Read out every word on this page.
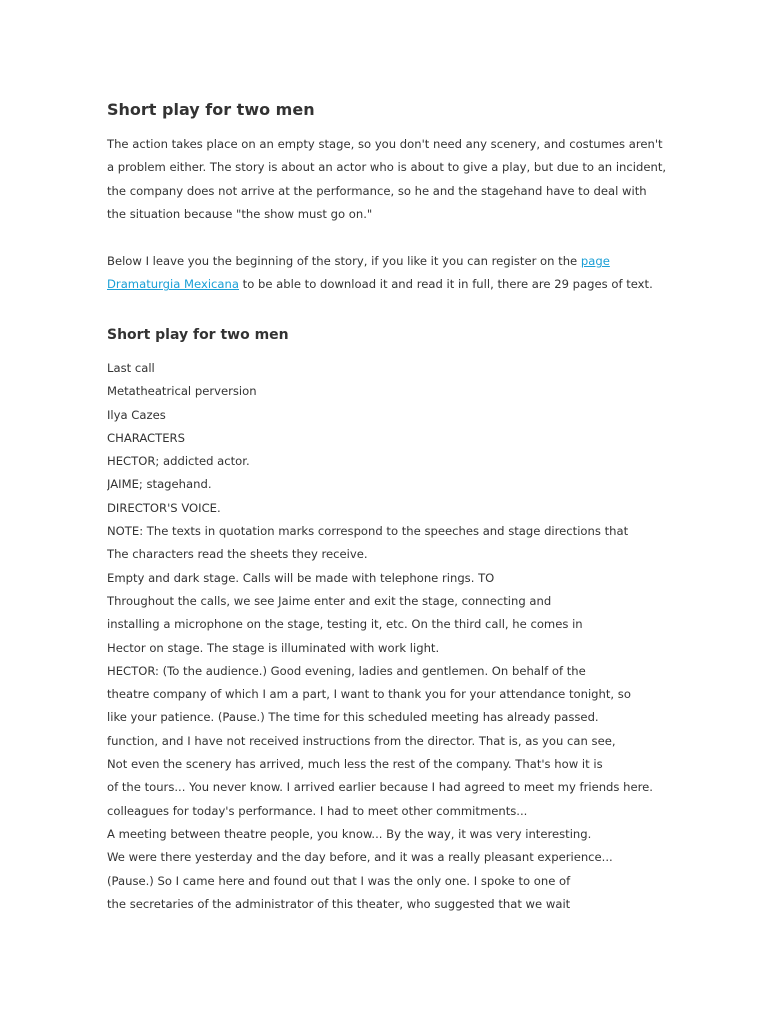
Short play for two men

The action takes place on an empty stage, so you don't need any scenery, and costumes aren't a problem either. The story is about an actor who is about to give a play, but due to an incident, the company does not arrive at the performance, so he and the stagehand have to deal with the situation because "the show must go on."

Below I leave you the beginning of the story, if you like it you can register on the page Dramaturgia Mexicana to be able to download it and read it in full, there are 29 pages of text.

Short play for two men
Last call
Metatheatrical perversion
Ilya Cazes
CHARACTERS
HECTOR; addicted actor.
JAIME; stagehand.
DIRECTOR'S VOICE.
NOTE: The texts in quotation marks correspond to the speeches and stage directions that
The characters read the sheets they receive.
Empty and dark stage. Calls will be made with telephone rings. TO
Throughout the calls, we see Jaime enter and exit the stage, connecting and
installing a microphone on the stage, testing it, etc. On the third call, he comes in
Hector on stage. The stage is illuminated with work light.
HECTOR: (To the audience.) Good evening, ladies and gentlemen. On behalf of the
theatre company of which I am a part, I want to thank you for your attendance tonight, so
like your patience. (Pause.) The time for this scheduled meeting has already passed.
function, and I have not received instructions from the director. That is, as you can see,
Not even the scenery has arrived, much less the rest of the company. That's how it is
of the tours... You never know. I arrived earlier because I had agreed to meet my friends here.
colleagues for today's performance. I had to meet other commitments...
A meeting between theatre people, you know... By the way, it was very interesting.
We were there yesterday and the day before, and it was a really pleasant experience...
(Pause.) So I came here and found out that I was the only one. I spoke to one of
the secretaries of the administrator of this theater, who suggested that we wait
